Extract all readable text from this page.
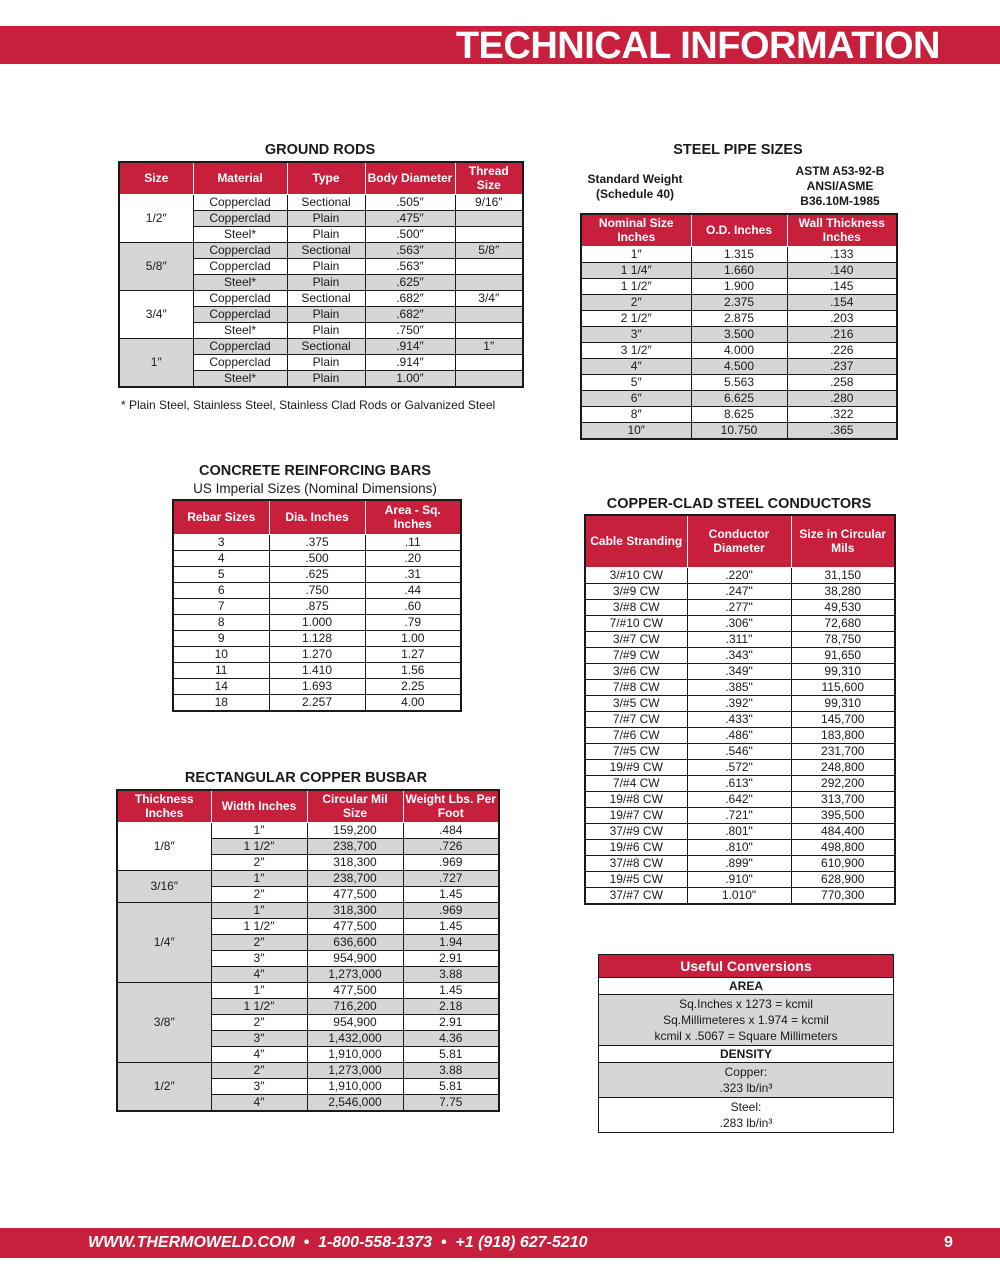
TECHNICAL INFORMATION
GROUND RODS
Size	Material	Type	Body Diameter	Thread Size
1/2″	Copperclad	Sectional	.505″	9/16″
	Copperclad	Plain	.475″	
	Steel*	Plain	.500″	
5/8″	Copperclad	Sectional	.563″	5/8″
	Copperclad	Plain	.563″	
	Steel*	Plain	.625″	
3/4″	Copperclad	Sectional	.682″	3/4″
	Copperclad	Plain	.682″	
	Steel*	Plain	.750″	
1″	Copperclad	Sectional	.914″	1″
	Copperclad	Plain	.914″	
	Steel*	Plain	1.00″	
* Plain Steel, Stainless Steel, Stainless Clad Rods or Galvanized Steel
STEEL PIPE SIZES
Standard Weight (Schedule 40)
ASTM A53-92-B ANSI/ASME B36.10M-1985
Nominal Size Inches	O.D. Inches	Wall Thickness Inches
1″	1.315	.133
1 1/4″	1.660	.140
1 1/2″	1.900	.145
2″	2.375	.154
2 1/2″	2.875	.203
3″	3.500	.216
3 1/2″	4.000	.226
4″	4.500	.237
5″	5.563	.258
6″	6.625	.280
8″	8.625	.322
10″	10.750	.365
CONCRETE REINFORCING BARS
US Imperial Sizes (Nominal Dimensions)
Rebar Sizes	Dia. Inches	Area - Sq. Inches
3	.375	.11
4	.500	.20
5	.625	.31
6	.750	.44
7	.875	.60
8	1.000	.79
9	1.128	1.00
10	1.270	1.27
11	1.410	1.56
14	1.693	2.25
18	2.257	4.00
COPPER-CLAD STEEL CONDUCTORS
Cable Stranding	Conductor Diameter	Size in Circular Mils
3/#10 CW	.220"	31,150
3/#9 CW	.247"	38,280
3/#8 CW	.277"	49,530
7/#10 CW	.306"	72,680
3/#7 CW	.311"	78,750
7/#9 CW	.343"	91,650
3/#6 CW	.349"	99,310
7/#8 CW	.385"	115,600
3/#5 CW	.392"	99,310
7/#7 CW	.433"	145,700
7/#6 CW	.486"	183,800
7/#5 CW	.546"	231,700
19/#9 CW	.572"	248,800
7/#4 CW	.613"	292,200
19/#8 CW	.642"	313,700
19/#7 CW	.721"	395,500
37/#9 CW	.801"	484,400
19/#6 CW	.810"	498,800
37/#8 CW	.899"	610,900
19/#5 CW	.910"	628,900
37/#7 CW	1.010"	770,300
RECTANGULAR COPPER BUSBAR
Thickness Inches	Width Inches	Circular Mil Size	Weight Lbs. Per Foot
1/8″	1″	159,200	.484
	1 1/2″	238,700	.726
	2″	318,300	.969
3/16″	1″	238,700	.727
	2″	477,500	1.45
1/4″	1″	318,300	.969
	1 1/2″	477,500	1.45
	2″	636,600	1.94
	3″	954,900	2.91
	4″	1,273,000	3.88
3/8″	1″	477,500	1.45
	1 1/2″	716,200	2.18
	2″	954,900	2.91
	3″	1,432,000	4.36
	4″	1,910,000	5.81
1/2″	2″	1,273,000	3.88
	3″	1,910,000	5.81
	4″	2,546,000	7.75
Useful Conversions
AREA
Sq.Inches x 1273 = kcmil
Sq.Millimeteres x 1.974 = kcmil
kcmil x .5067 = Square Millimeters
DENSITY
Copper:
.323 lb/in³
Steel:
.283 lb/in³
WWW.THERMOWELD.COM  •  1-800-558-1373  •  +1 (918) 627-5210	9
